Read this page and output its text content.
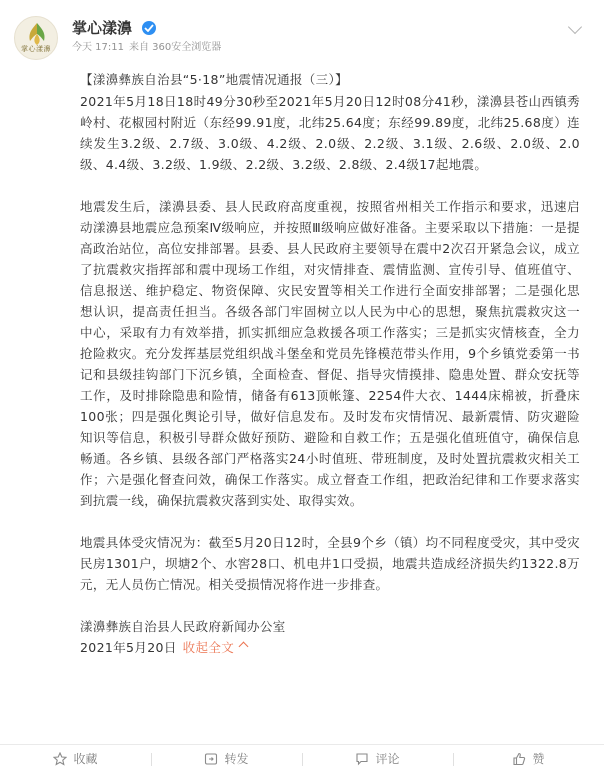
掌心漾濞
掌心漾濞
今天 17:11 来自 360安全浏览器

【漾濞彝族自治县“5·18”地震情况通报（三）】

2021年5月18日18时49分30秒至2021年5月20日12时08分41秒，漾濞县苍山西镇秀岭村、花椒园村附近（东经99.91度，北纬25.64度；东经99.89度，北纬25.68度）连续发生3.2级、2.7级、3.0级、4.2级、2.0级、2.2级、3.1级、2.6级、2.0级、2.0级、4.4级、3.2级、1.9级、2.2级、3.2级、2.8级、2.4级17起地震。

地震发生后，漾濞县委、县人民政府高度重视，按照省州相关工作指示和要求，迅速启动漾濞县地震应急预案Ⅳ级响应，并按照Ⅲ级响应做好准备。主要采取以下措施：一是提高政治站位，高位安排部署。县委、县人民政府主要领导在震中2次召开紧急会议，成立了抗震救灾指挥部和震中现场工作组，对灾情排查、震情监测、宣传引导、值班值守、信息报送、维护稳定、物资保障、灾民安置等相关工作进行全面安排部署；二是强化思想认识，提高责任担当。各级各部门牢固树立以人民为中心的思想，聚焦抗震救灾这一中心，采取有力有效举措，抓实抓细应急救援各项工作落实；三是抓实灾情核查，全力抢险救灾。充分发挥基层党组织战斗堡垒和党员先锋模范带头作用，9个乡镇党委第一书记和县级挂钩部门下沉乡镇，全面检查、督促、指导灾情摸排、隐患处置、群众安抚等工作，及时排除隐患和险情，储备有613顶帐篷、2254件大衣、1444床棉被，折叠床100张；四是强化舆论引导，做好信息发布。及时发布灾情情况、最新震情、防灾避险知识等信息，积极引导群众做好预防、避险和自救工作；五是强化值班值守，确保信息畅通。各乡镇、县级各部门严格落实24小时值班、带班制度，及时处置抗震救灾相关工作；六是强化督查问效，确保工作落实。成立督查工作组，把政治纪律和工作要求落实到抗震一线，确保抗震救灾落到实处、取得实效。

地震具体受灾情况为：截至5月20日12时，全县9个乡（镇）均不同程度受灾，其中受灾民房1301户，坝塘2个、水窖28口、机电井1口受损，地震共造成经济损失约1322.8万元，无人员伤亡情况。相关受损情况将作进一步排查。

漾濞彝族自治县人民政府新闻办公室

2021年5月20日 收起全文

收藏	转发	评论	赞
